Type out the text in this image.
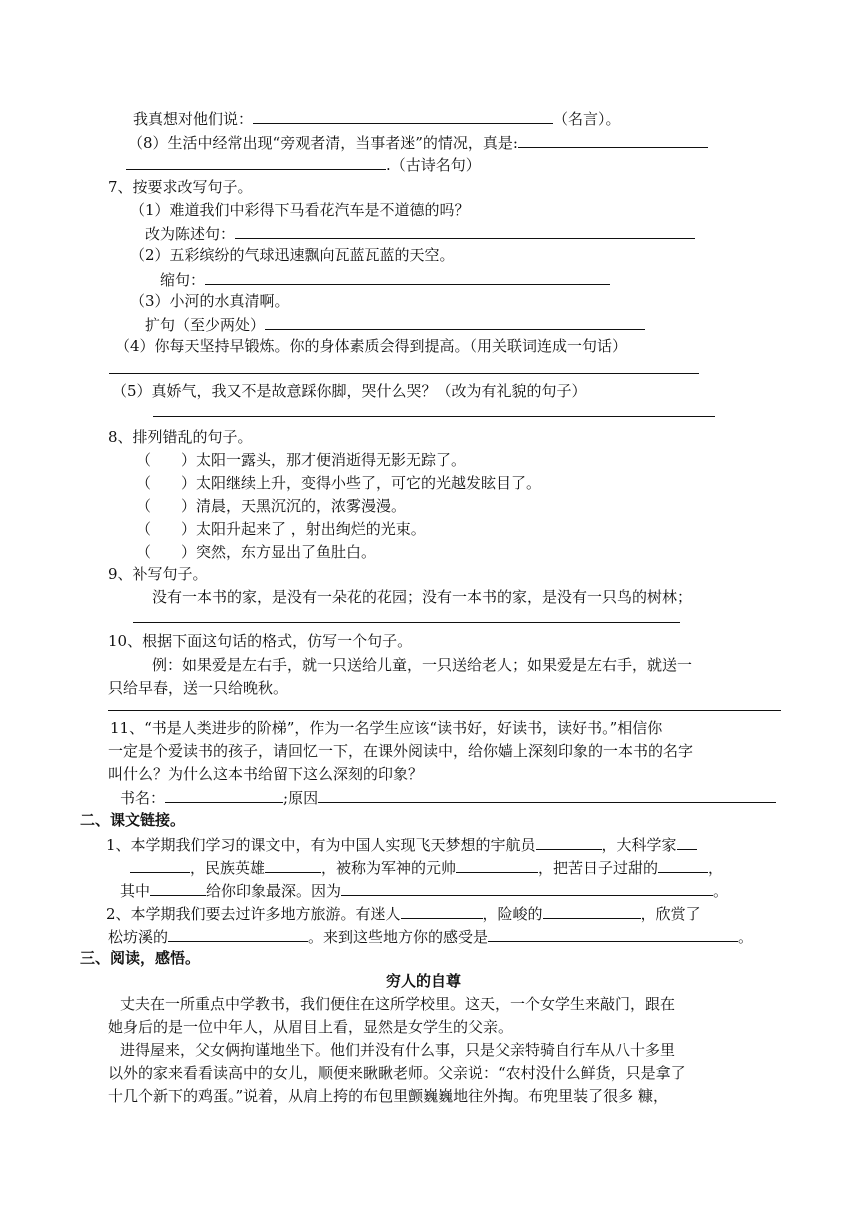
我真想对他们说：	（名言）。
（8）生活中经常出现“旁观者清，当事者迷”的情况，真是:
.（古诗名句）
7、按要求改写句子。
（1）难道我们中彩得下马看花汽车是不道德的吗？
改为陈述句：
（2）五彩缤纷的气球迅速飘向瓦蓝瓦蓝的天空。
缩句：
（3）小河的水真清啊。
扩句（至少两处）
（4）你每天坚持早锻炼。你的身体素质会得到提高。（用关联词连成一句话）
（5）真娇气，我又不是故意踩你脚，哭什么哭？（改为有礼貌的句子）
8、排列错乱的句子。
（　　）太阳一露头，那才便消逝得无影无踪了。
（　　）太阳继续上升，变得小些了，可它的光越发眩目了。
（　　）清晨，天黑沉沉的，浓雾漫漫。
（　　）太阳升起来了 ，射出绚烂的光束。
（　　）突然，东方显出了鱼肚白。
9、补写句子。
没有一本书的家，是没有一朵花的花园；没有一本书的家，是没有一只鸟的树林；
10、根据下面这句话的格式，仿写一个句子。
例：如果爱是左右手，就一只送给儿童，一只送给老人；如果爱是左右手，就送一
只给早春，送一只给晚秋。
11、“书是人类进步的阶梯”，作为一名学生应该“读书好，好读书，读好书。”相信你
一定是个爱读书的孩子，请回忆一下，在课外阅读中，给你嫱上深刻印象的一本书的名字
叫什么？为什么这本书给留下这么深刻的印象？
书名：	;原因
二、课文链接。
1、本学期我们学习的课文中，有为中国人实现飞天梦想的宇航员	，大科学家
，民族英雄	，被称为军神的元帅	，把苦日子过甜的	，
其中	给你印象最深。因为	。
2、本学期我们要去过许多地方旅游。有迷人	，险峻的	，欣赏了
松坊溪的	。来到这些地方你的感受是	。
三、阅读，感悟。
穷人的自尊
丈夫在一所重点中学教书，我们便住在这所学校里。这天，一个女学生来敲门，跟在
她身后的是一位中年人，从眉目上看，显然是女学生的父亲。
进得屋来，父女俩拘谨地坐下。他们并没有什么事，只是父亲特骑自行车从八十多里
以外的家来看看读高中的女儿，顺便来瞅瞅老师。父亲说：“农村没什么鲜货，只是拿了
十几个新下的鸡蛋。”说着，从肩上挎的布包里颤巍巍地往外掏。布兜里装了很多 糠，
